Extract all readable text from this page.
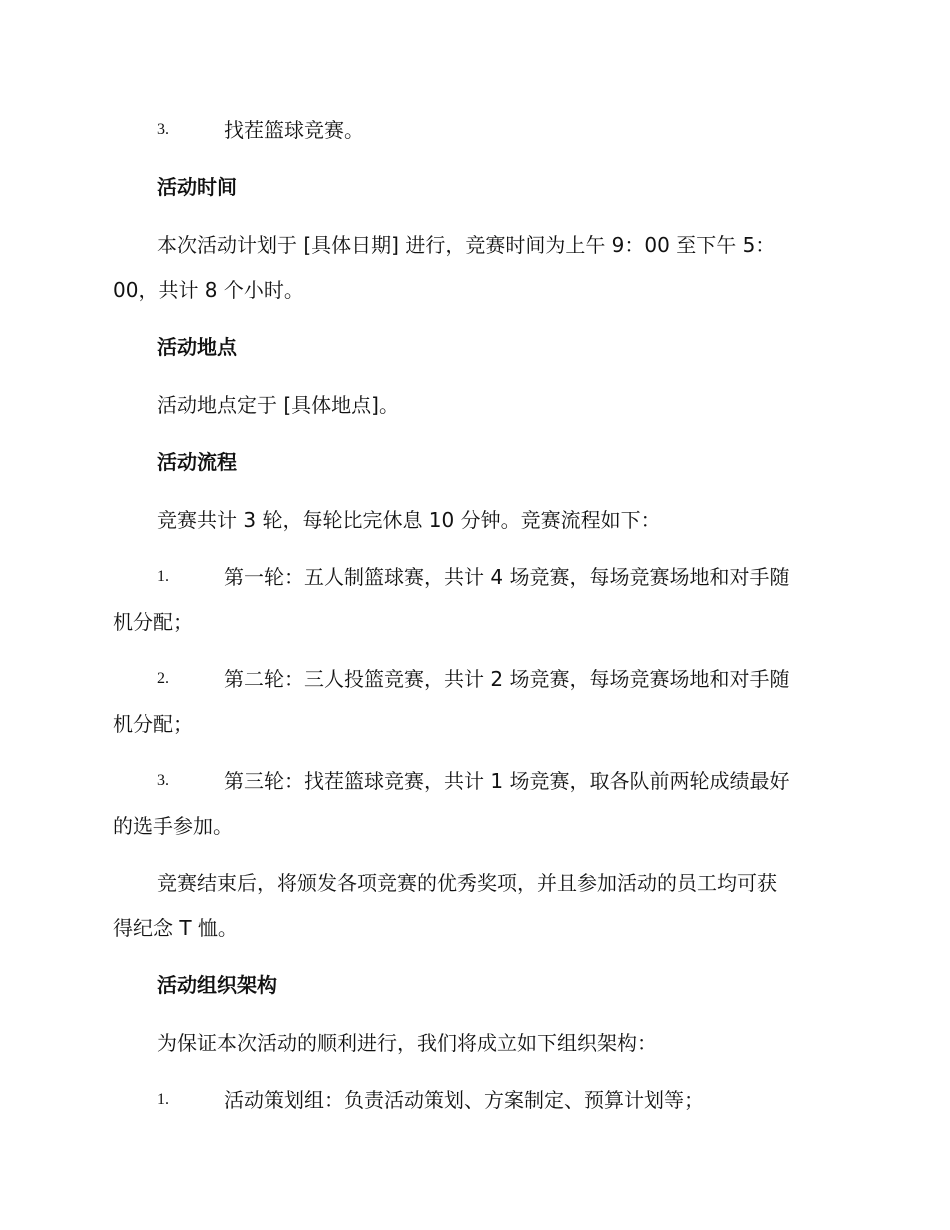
3.	找茬篮球竞赛。
活动时间
本次活动计划于 [具体日期] 进行，竞赛时间为上午 9：00 至下午 5：
00，共计 8 个小时。
活动地点
活动地点定于 [具体地点]。
活动流程
竞赛共计 3 轮，每轮比完休息 10 分钟。竞赛流程如下：
1.	第一轮：五人制篮球赛，共计 4 场竞赛，每场竞赛场地和对手随
机分配；
2.	第二轮：三人投篮竞赛，共计 2 场竞赛，每场竞赛场地和对手随
机分配；
3.	第三轮：找茬篮球竞赛，共计 1 场竞赛，取各队前两轮成绩最好
的选手参加。
竞赛结束后，将颁发各项竞赛的优秀奖项，并且参加活动的员工均可获
得纪念 T 恤。
活动组织架构
为保证本次活动的顺利进行，我们将成立如下组织架构：
1.	活动策划组：负责活动策划、方案制定、预算计划等；
